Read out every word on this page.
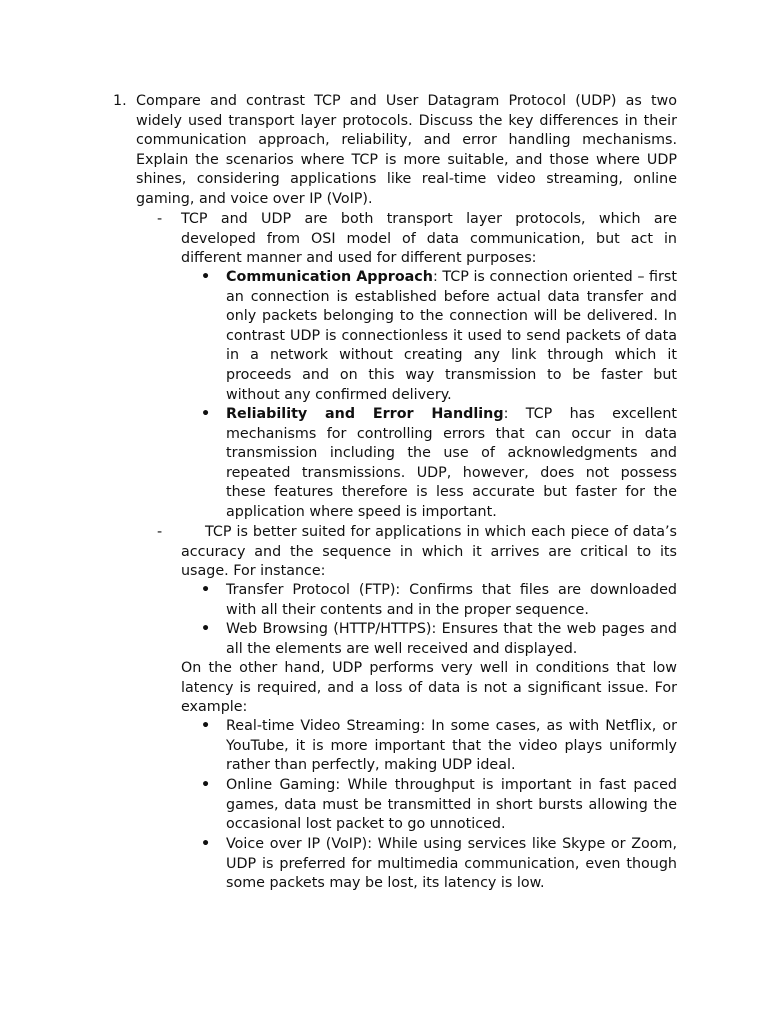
1. Compare and contrast TCP and User Datagram Protocol (UDP) as two widely used transport layer protocols. Discuss the key differences in their communication approach, reliability, and error handling mechanisms. Explain the scenarios where TCP is more suitable, and those where UDP shines, considering applications like real-time video streaming, online gaming, and voice over IP (VoIP).

- TCP and UDP are both transport layer protocols, which are developed from OSI model of data communication, but act in different manner and used for different purposes:

• Communication Approach: TCP is connection oriented – first an connection is established before actual data transfer and only packets belonging to the connection will be delivered. In contrast UDP is connectionless it used to send packets of data in a network without creating any link through which it proceeds and on this way transmission to be faster but without any confirmed delivery.

• Reliability and Error Handling: TCP has excellent mechanisms for controlling errors that can occur in data transmission including the use of acknowledgments and repeated transmissions. UDP, however, does not possess these features therefore is less accurate but faster for the application where speed is important.

-	TCP is better suited for applications in which each piece of data’s accuracy and the sequence in which it arrives are critical to its usage. For instance:

• Transfer Protocol (FTP): Confirms that files are downloaded with all their contents and in the proper sequence.

• Web Browsing (HTTP/HTTPS): Ensures that the web pages and all the elements are well received and displayed.

On the other hand, UDP performs very well in conditions that low latency is required, and a loss of data is not a significant issue. For example:

• Real-time Video Streaming: In some cases, as with Netflix, or YouTube, it is more important that the video plays uniformly rather than perfectly, making UDP ideal.

• Online Gaming: While throughput is important in fast paced games, data must be transmitted in short bursts allowing the occasional lost packet to go unnoticed.

• Voice over IP (VoIP): While using services like Skype or Zoom, UDP is preferred for multimedia communication, even though some packets may be lost, its latency is low.
